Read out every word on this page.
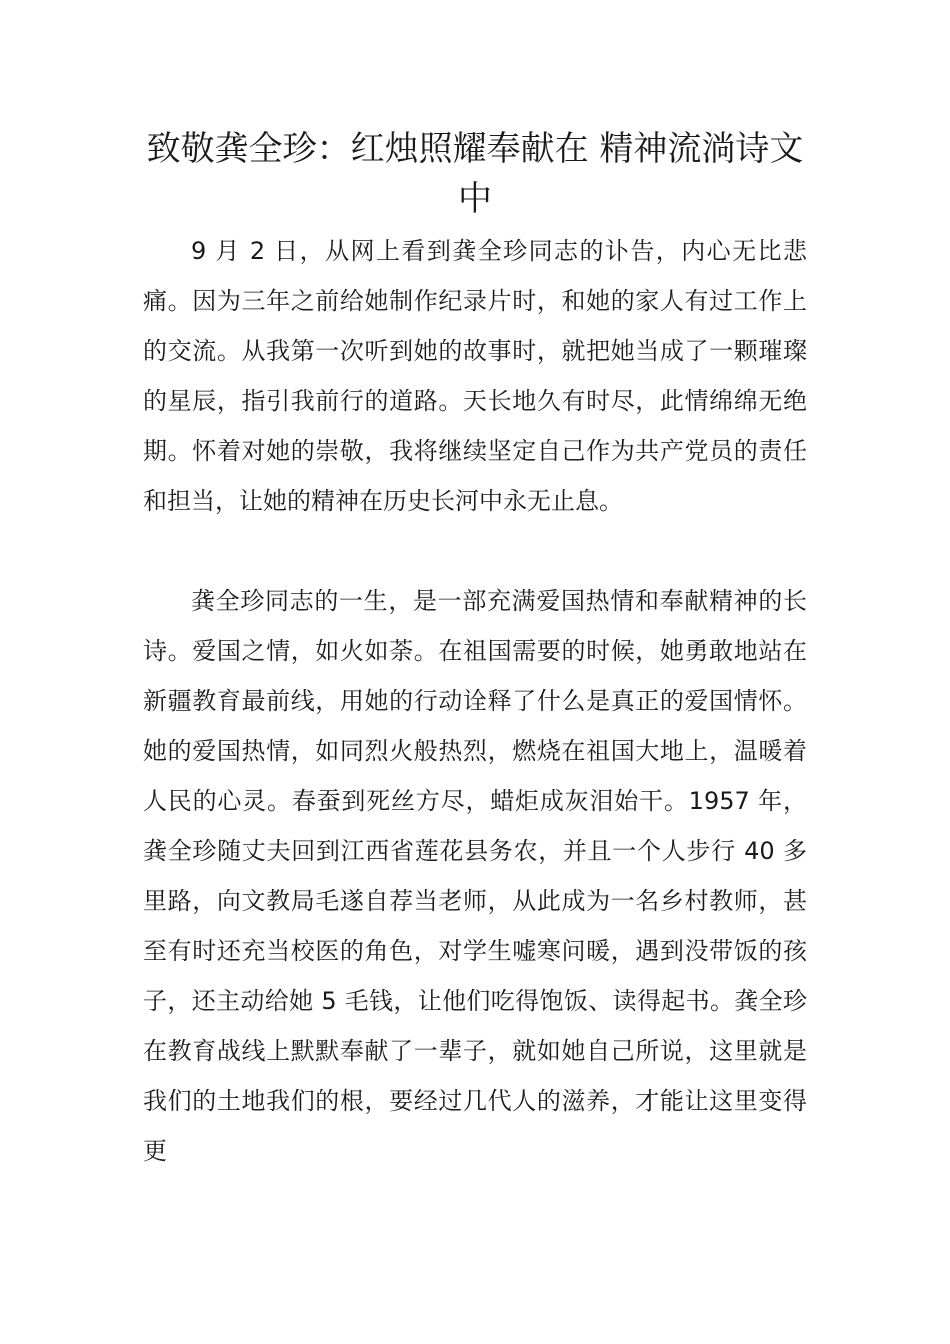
致敬龚全珍：红烛照耀奉献在 精神流淌诗文中

9 月 2 日，从网上看到龚全珍同志的讣告，内心无比悲痛。因为三年之前给她制作纪录片时，和她的家人有过工作上的交流。从我第一次听到她的故事时，就把她当成了一颗璀璨的星辰，指引我前行的道路。天长地久有时尽，此情绵绵无绝期。怀着对她的崇敬，我将继续坚定自己作为共产党员的责任和担当，让她的精神在历史长河中永无止息。

龚全珍同志的一生，是一部充满爱国热情和奉献精神的长诗。爱国之情，如火如荼。在祖国需要的时候，她勇敢地站在新疆教育最前线，用她的行动诠释了什么是真正的爱国情怀。她的爱国热情，如同烈火般热烈，燃烧在祖国大地上，温暖着人民的心灵。春蚕到死丝方尽，蜡炬成灰泪始干。1957 年，龚全珍随丈夫回到江西省莲花县务农，并且一个人步行 40 多里路，向文教局毛遂自荐当老师，从此成为一名乡村教师，甚至有时还充当校医的角色，对学生嘘寒问暖，遇到没带饭的孩子，还主动给她 5 毛钱，让他们吃得饱饭、读得起书。龚全珍在教育战线上默默奉献了一辈子，就如她自己所说，这里就是我们的土地我们的根，要经过几代人的滋养，才能让这里变得更
